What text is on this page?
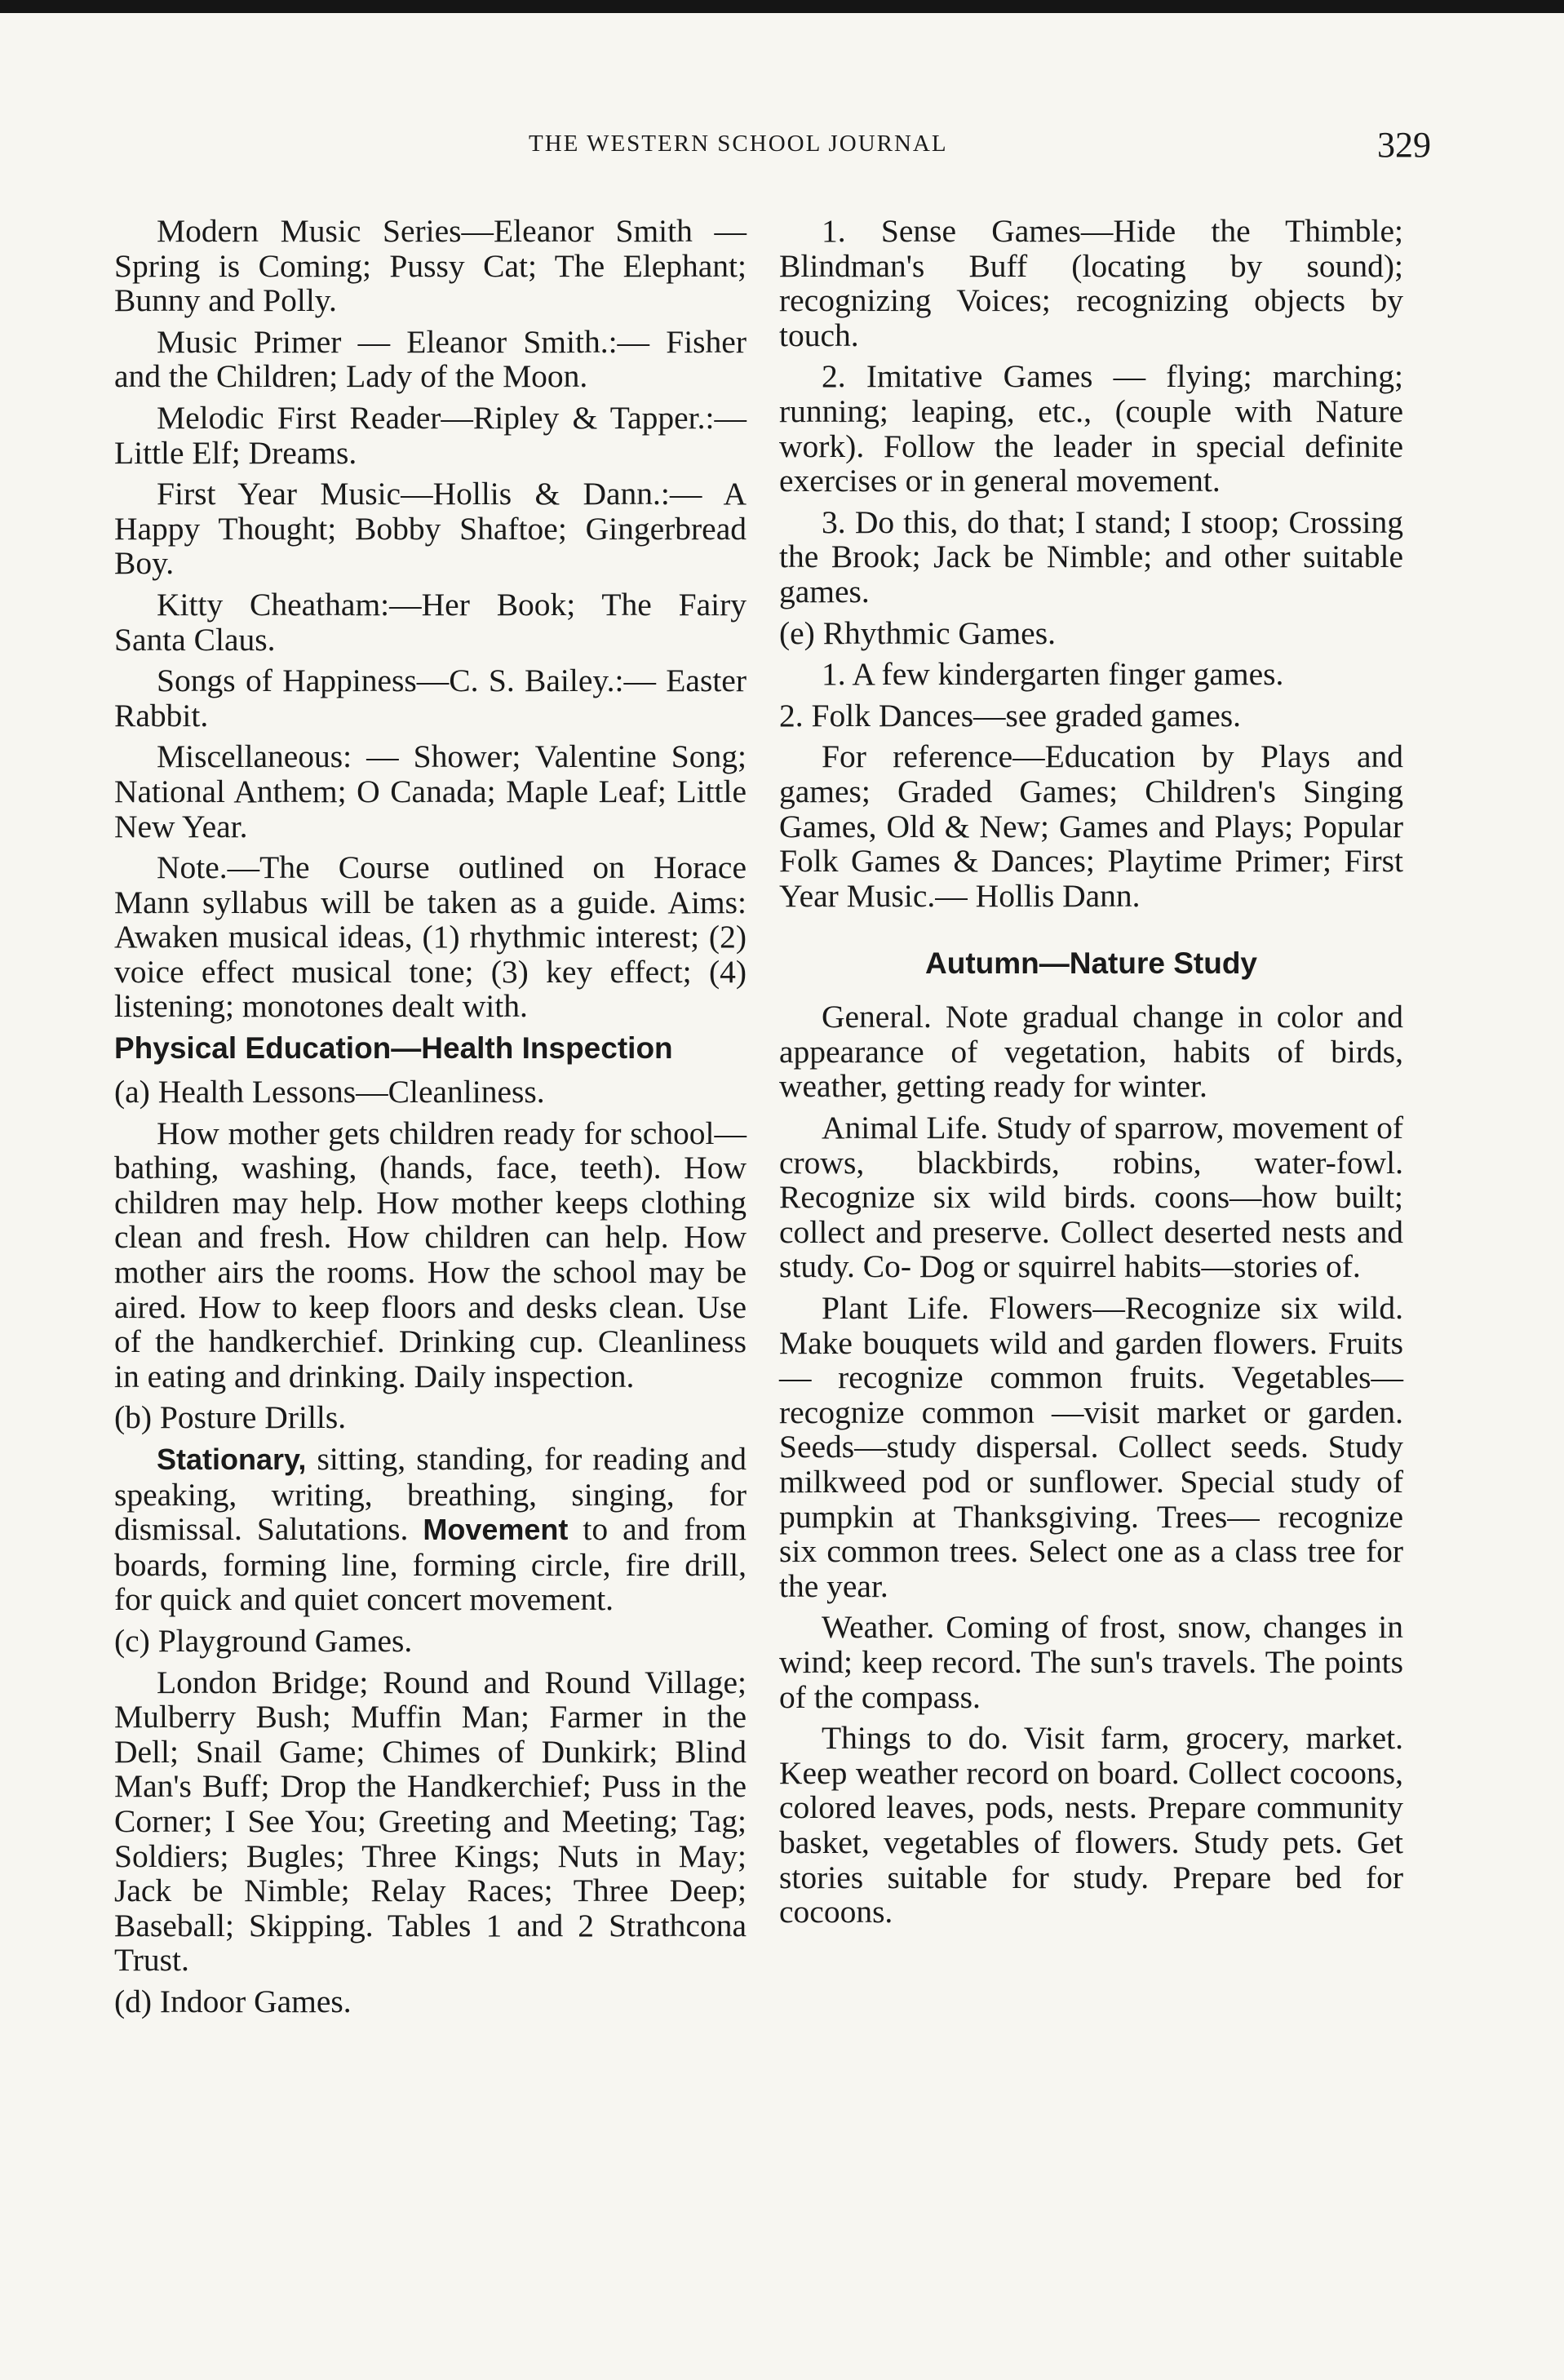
THE WESTERN SCHOOL JOURNAL	329

Modern Music Series—Eleanor Smith —Spring is Coming; Pussy Cat; The Elephant; Bunny and Polly.

Music Primer — Eleanor Smith.:— Fisher and the Children; Lady of the Moon.

Melodic First Reader—Ripley & Tapper.:—Little Elf; Dreams.

First Year Music—Hollis & Dann.:— A Happy Thought; Bobby Shaftoe; Gingerbread Boy.

Kitty Cheatham:—Her Book; The Fairy Santa Claus.

Songs of Happiness—C. S. Bailey.:— Easter Rabbit.

Miscellaneous: — Shower; Valentine Song; National Anthem; O Canada; Maple Leaf; Little New Year.

Note.—The Course outlined on Horace Mann syllabus will be taken as a guide. Aims: Awaken musical ideas, (1) rhythmic interest; (2) voice effect musical tone; (3) key effect; (4) listening; monotones dealt with.

Physical Education—Health Inspection

(a) Health Lessons—Cleanliness.

How mother gets children ready for school—bathing, washing, (hands, face, teeth). How children may help. How mother keeps clothing clean and fresh. How children can help. How mother airs the rooms. How the school may be aired. How to keep floors and desks clean. Use of the handkerchief. Drinking cup. Cleanliness in eating and drinking. Daily inspection.

(b) Posture Drills.

Stationary, sitting, standing, for reading and speaking, writing, breathing, singing, for dismissal. Salutations. Movement to and from boards, forming line, forming circle, fire drill, for quick and quiet concert movement.

(c) Playground Games.

London Bridge; Round and Round Village; Mulberry Bush; Muffin Man; Farmer in the Dell; Snail Game; Chimes of Dunkirk; Blind Man's Buff; Drop the Handkerchief; Puss in the Corner; I See You; Greeting and Meeting; Tag; Soldiers; Bugles; Three Kings; Nuts in May; Jack be Nimble; Relay Races; Three Deep; Baseball; Skipping. Tables 1 and 2 Strathcona Trust.

(d) Indoor Games.

1. Sense Games—Hide the Thimble; Blindman's Buff (locating by sound); recognizing Voices; recognizing objects by touch.

2. Imitative Games — flying; marching; running; leaping, etc., (couple with Nature work). Follow the leader in special definite exercises or in general movement.

3. Do this, do that; I stand; I stoop; Crossing the Brook; Jack be Nimble; and other suitable games.

(e) Rhythmic Games.

1. A few kindergarten finger games.

2. Folk Dances—see graded games.

For reference—Education by Plays and games; Graded Games; Children's Singing Games, Old & New; Games and Plays; Popular Folk Games & Dances; Playtime Primer; First Year Music.— Hollis Dann.

Autumn—Nature Study

General. Note gradual change in color and appearance of vegetation, habits of birds, weather, getting ready for winter.

Animal Life. Study of sparrow, movement of crows, blackbirds, robins, water-fowl. Recognize six wild birds. coons—how built; collect and preserve. Collect deserted nests and study. Co- Dog or squirrel habits—stories of.

Plant Life. Flowers—Recognize six wild. Make bouquets wild and garden flowers. Fruits — recognize common fruits. Vegetables—recognize common —visit market or garden. Seeds—study dispersal. Collect seeds. Study milkweed pod or sunflower. Special study of pumpkin at Thanksgiving. Trees— recognize six common trees. Select one as a class tree for the year.

Weather. Coming of frost, snow, changes in wind; keep record. The sun's travels. The points of the compass.

Things to do. Visit farm, grocery, market. Keep weather record on board. Collect cocoons, colored leaves, pods, nests. Prepare community basket, vegetables of flowers. Study pets. Get stories suitable for study. Prepare bed for cocoons.
